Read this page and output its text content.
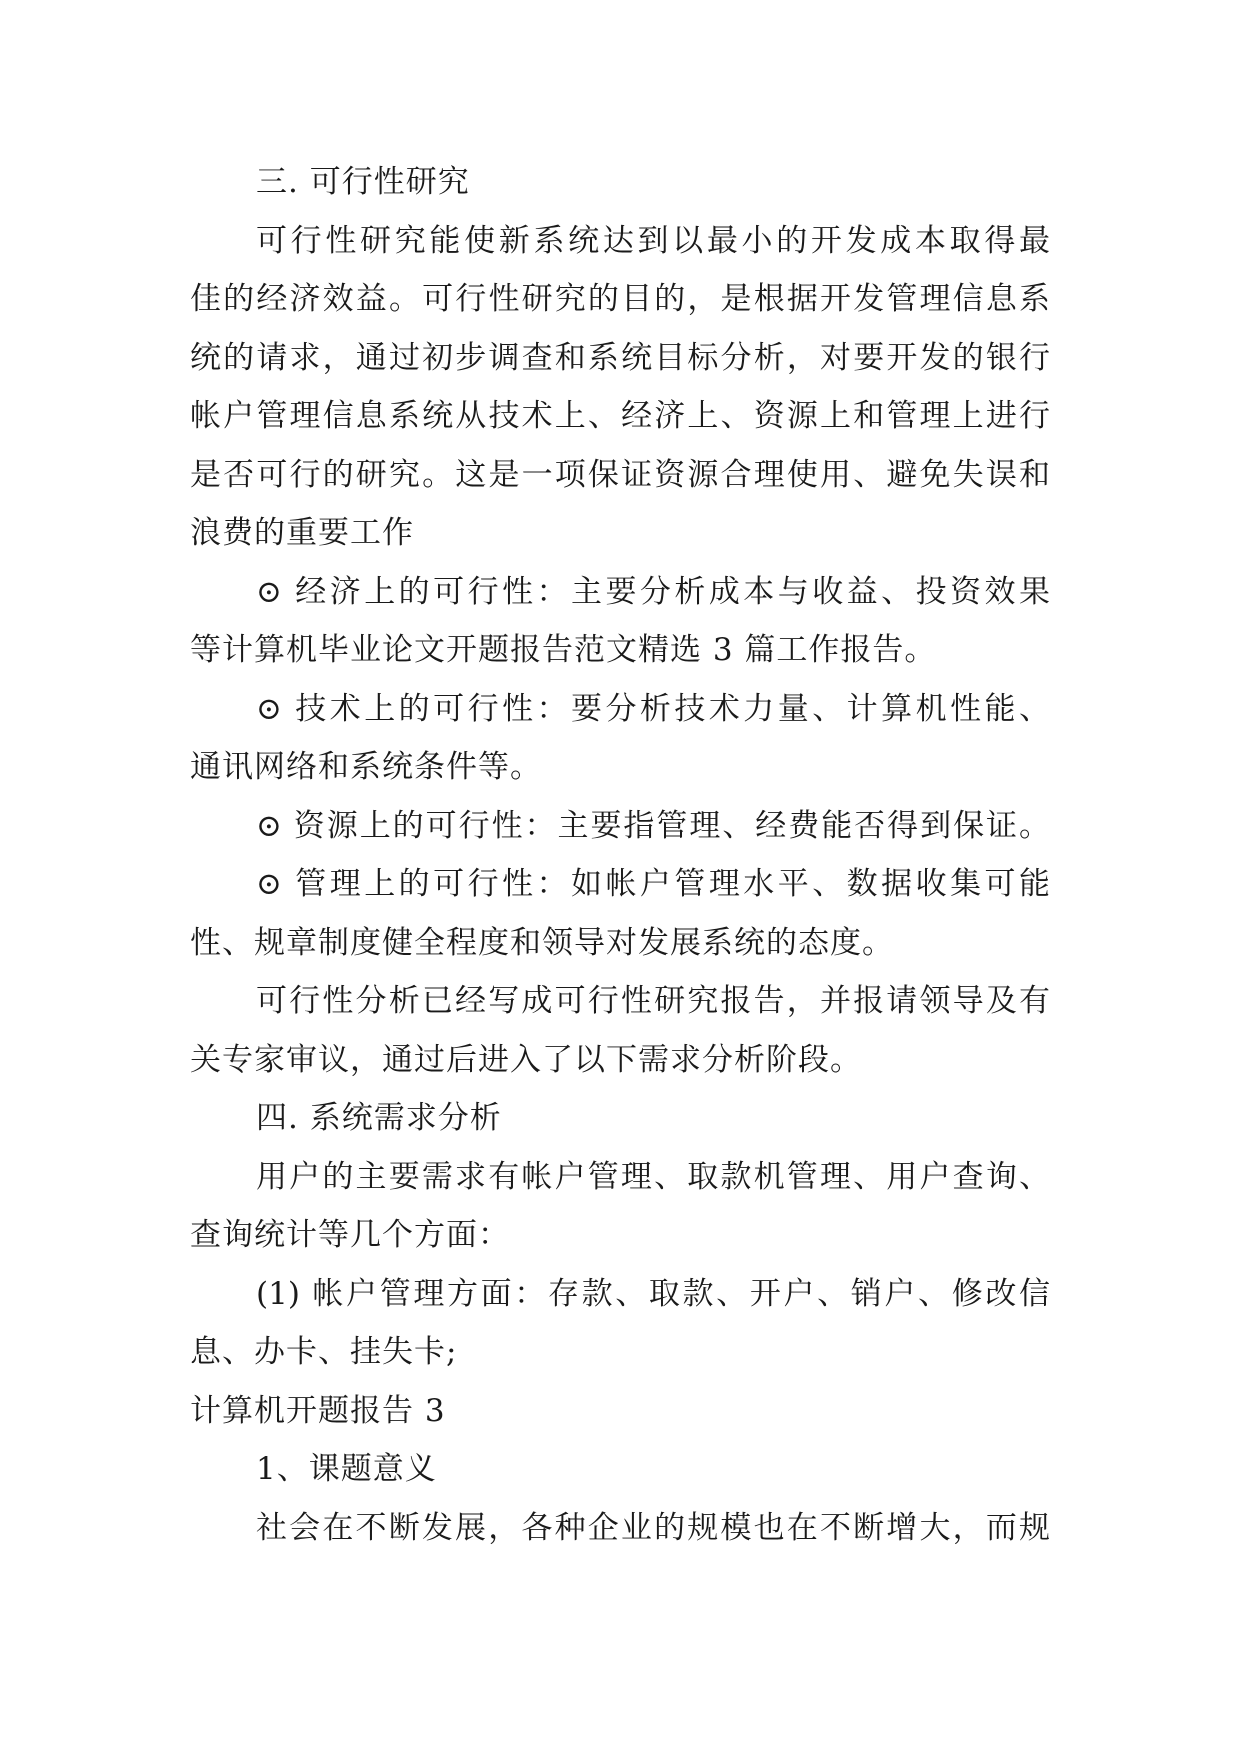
三. 可行性研究
可行性研究能使新系统达到以最小的开发成本取得最
佳的经济效益。可行性研究的目的，是根据开发管理信息系
统的请求，通过初步调查和系统目标分析，对要开发的银行
帐户管理信息系统从技术上、经济上、资源上和管理上进行
是否可行的研究。这是一项保证资源合理使用、避免失误和
浪费的重要工作
⊙ 经济上的可行性：主要分析成本与收益、投资效果
等计算机毕业论文开题报告范文精选 3 篇工作报告。
⊙ 技术上的可行性：要分析技术力量、计算机性能、
通讯网络和系统条件等。
⊙ 资源上的可行性：主要指管理、经费能否得到保证。
⊙ 管理上的可行性：如帐户管理水平、数据收集可能
性、规章制度健全程度和领导对发展系统的态度。
可行性分析已经写成可行性研究报告，并报请领导及有
关专家审议，通过后进入了以下需求分析阶段。
四. 系统需求分析
用户的主要需求有帐户管理、取款机管理、用户查询、
查询统计等几个方面：
(1) 帐户管理方面：存款、取款、开户、销户、修改信
息、办卡、挂失卡;
计算机开题报告 3
1、课题意义
社会在不断发展，各种企业的规模也在不断增大，而规
